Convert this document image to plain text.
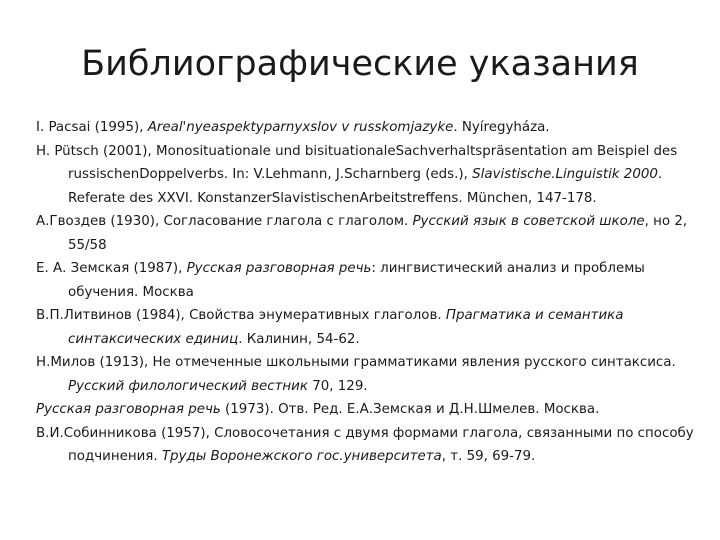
Библиографические указания
I. Pacsai (1995), Areal'nyeaspektyparnyxslov v russkomjazyke. Nyíregyháza.
H. Pütsch (2001), Monosituationale und bisituationaleSachverhaltspräsentation am Beispiel des russischenDoppelverbs. In: V.Lehmann, J.Scharnberg (eds.), Slavistische.Linguistik 2000. Referate des XXVI. KonstanzerSlavistischenArbeitstreffens. München, 147-178.
А.Гвоздев (1930), Согласование глагола с глаголом. Русский язык в советской школе, но 2, 55/58
Е. А. Земская (1987), Русская разговорная речь: лингвистический анализ и проблемы обучения. Москва
В.П.Литвинов (1984), Свойства энумеративных глаголов. Прагматика и семантика синтаксических единиц. Калинин, 54-62.
Н.Милов (1913), Не отмеченные школьными грамматиками явления русского синтаксиса. Русский филологический вестник 70, 129.
Русская разговорная речь (1973). Отв. Ред. Е.А.Земская и Д.Н.Шмелев. Москва.
В.И.Собинникова (1957), Словосочетания с двумя формами глагола, связанными по способу подчинения. Труды Воронежского гос.университета, т. 59, 69-79.
